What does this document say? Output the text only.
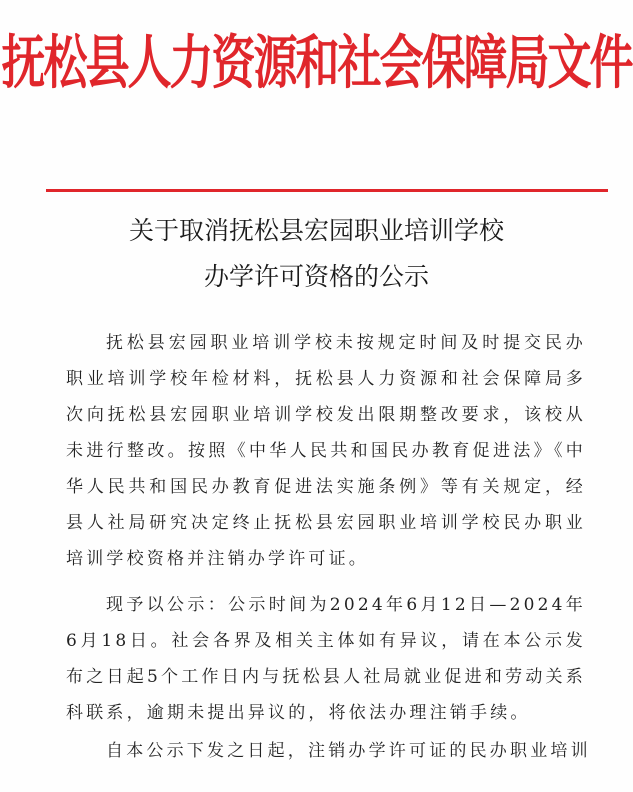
抚松县人力资源和社会保障局文件
关于取消抚松县宏园职业培训学校
办学许可资格的公示
抚松县宏园职业培训学校未按规定时间及时提交民办职业培训学校年检材料，抚松县人力资源和社会保障局多次向抚松县宏园职业培训学校发出限期整改要求，该校从未进行整改。按照《中华人民共和国民办教育促进法》《中华人民共和国民办教育促进法实施条例》等有关规定，经县人社局研究决定终止抚松县宏园职业培训学校民办职业培训学校资格并注销办学许可证。
现予以公示：公示时间为2024年6月12日—2024年6月18日。社会各界及相关主体如有异议，请在本公示发布之日起5个工作日内与抚松县人社局就业促进和劳动关系科联系，逾期未提出异议的，将依法办理注销手续。
自本公示下发之日起，注销办学许可证的民办职业培训
